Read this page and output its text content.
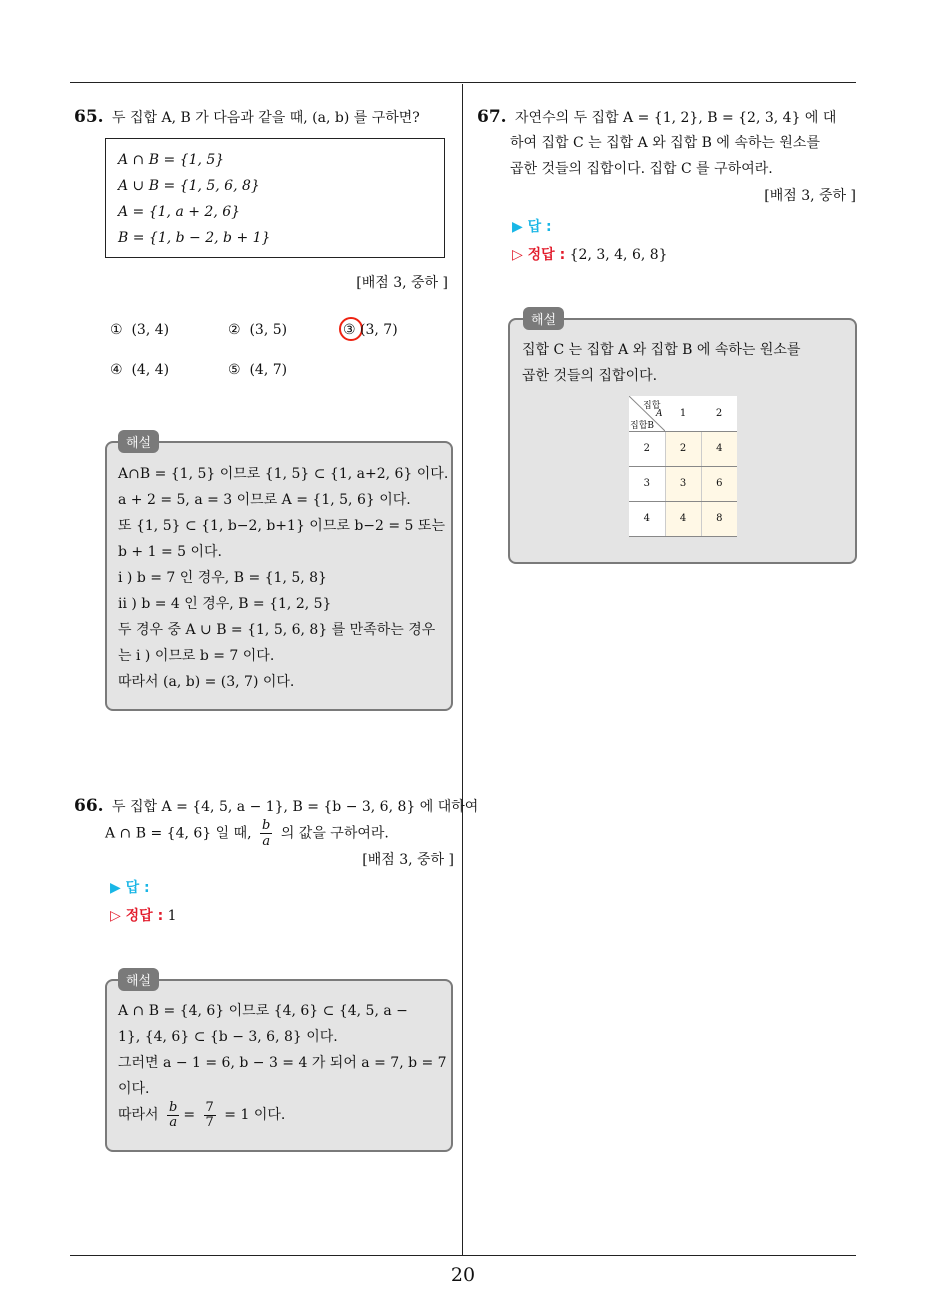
65. 두 집합 A, B 가 다음과 같을 때, (a, b) 를 구하면?
A ∩ B = {1, 5}
A ∪ B = {1, 5, 6, 8}
A = {1, a + 2, 6}
B = {1, b − 2, b + 1}
[배점 3, 중하 ]
① (3, 4)	② (3, 5)	③ (3, 7)
④ (4, 4)	⑤ (4, 7)
해설
A∩B = {1, 5} 이므로 {1, 5} ⊂ {1, a+2, 6} 이다.
a + 2 = 5, a = 3 이므로 A = {1, 5, 6} 이다.
또 {1, 5} ⊂ {1, b−2, b+1} 이므로 b−2 = 5 또는
b + 1 = 5 이다.
i ) b = 7 인 경우, B = {1, 5, 8}
ii ) b = 4 인 경우, B = {1, 2, 5}
두 경우 중 A ∪ B = {1, 5, 6, 8} 를 만족하는 경우
는 i ) 이므로 b = 7 이다.
따라서 (a, b) = (3, 7) 이다.
66. 두 집합 A = {4, 5, a − 1}, B = {b − 3, 6, 8} 에 대하여
A ∩ B = {4, 6} 일 때, $\frac{b}{a}$ 의 값을 구하여라.
[배점 3, 중하 ]
▶ 답 :
▷ 정답 : 1
해설
A ∩ B = {4, 6} 이므로 {4, 6} ⊂ {4, 5, a −
1}, {4, 6} ⊂ {b − 3, 6, 8} 이다.
그러면 a − 1 = 6, b − 3 = 4 가 되어 a = 7, b = 7
이다.
따라서 $\frac{b}{a} = \frac{7}{7} = 1$ 이다.
67. 자연수의 두 집합 A = {1, 2}, B = {2, 3, 4} 에 대
하여 집합 C 는 집합 A 와 집합 B 에 속하는 원소를
곱한 것들의 집합이다. 집합 C 를 구하여라.
[배점 3, 중하 ]
▶ 답 :
▷ 정답 : {2, 3, 4, 6, 8}
해설
집합 C 는 집합 A 와 집합 B 에 속하는 원소를
곱한 것들의 집합이다.
집합
A
집합B	1	2
2	2	4
3	3	6
4	4	8
20
